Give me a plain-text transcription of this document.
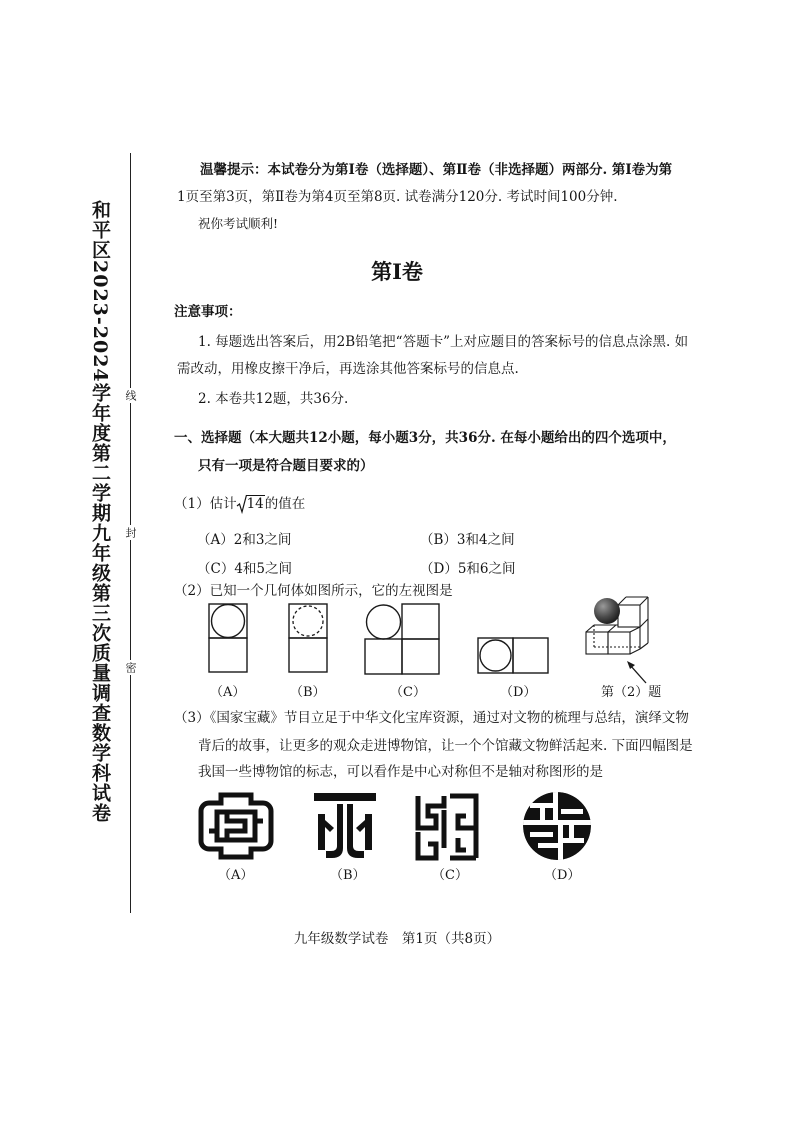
和平区2023-2024学年度第二学期九年级第三次质量调查数学科试卷 线
封
密
温馨提示：本试卷分为第Ⅰ卷（选择题）、第Ⅱ卷（非选择题）两部分. 第Ⅰ卷为第
1页至第3页，第Ⅱ卷为第4页至第8页. 试卷满分120分. 考试时间100分钟.
祝你考试顺利!
第Ⅰ卷
注意事项：
1. 每题选出答案后，用2B铅笔把“答题卡”上对应题目的答案标号的信息点涂黑. 如
需改动，用橡皮擦干净后，再选涂其他答案标号的信息点.
2. 本卷共12题，共36分.
一、选择题（本大题共12小题，每小题3分，共36分. 在每小题给出的四个选项中，
只有一项是符合题目要求的）
（1）估计 14的值在
（A）2和3之间	（B）3和4之间
（C）4和5之间	（D）5和6之间
（2）已知一个几何体如图所示，它的左视图是
（A）	（B）	（C）	（D）	第（2）题
（3）《国家宝藏》节目立足于中华文化宝库资源，通过对文物的梳理与总结，演绎文物
背后的故事，让更多的观众走进博物馆，让一个个馆藏文物鲜活起来. 下面四幅图是
我国一些博物馆的标志，可以看作是中心对称但不是轴对称图形的是
（A）	（B）	（C）	（D）
九年级数学试卷　第1页（共8页）
